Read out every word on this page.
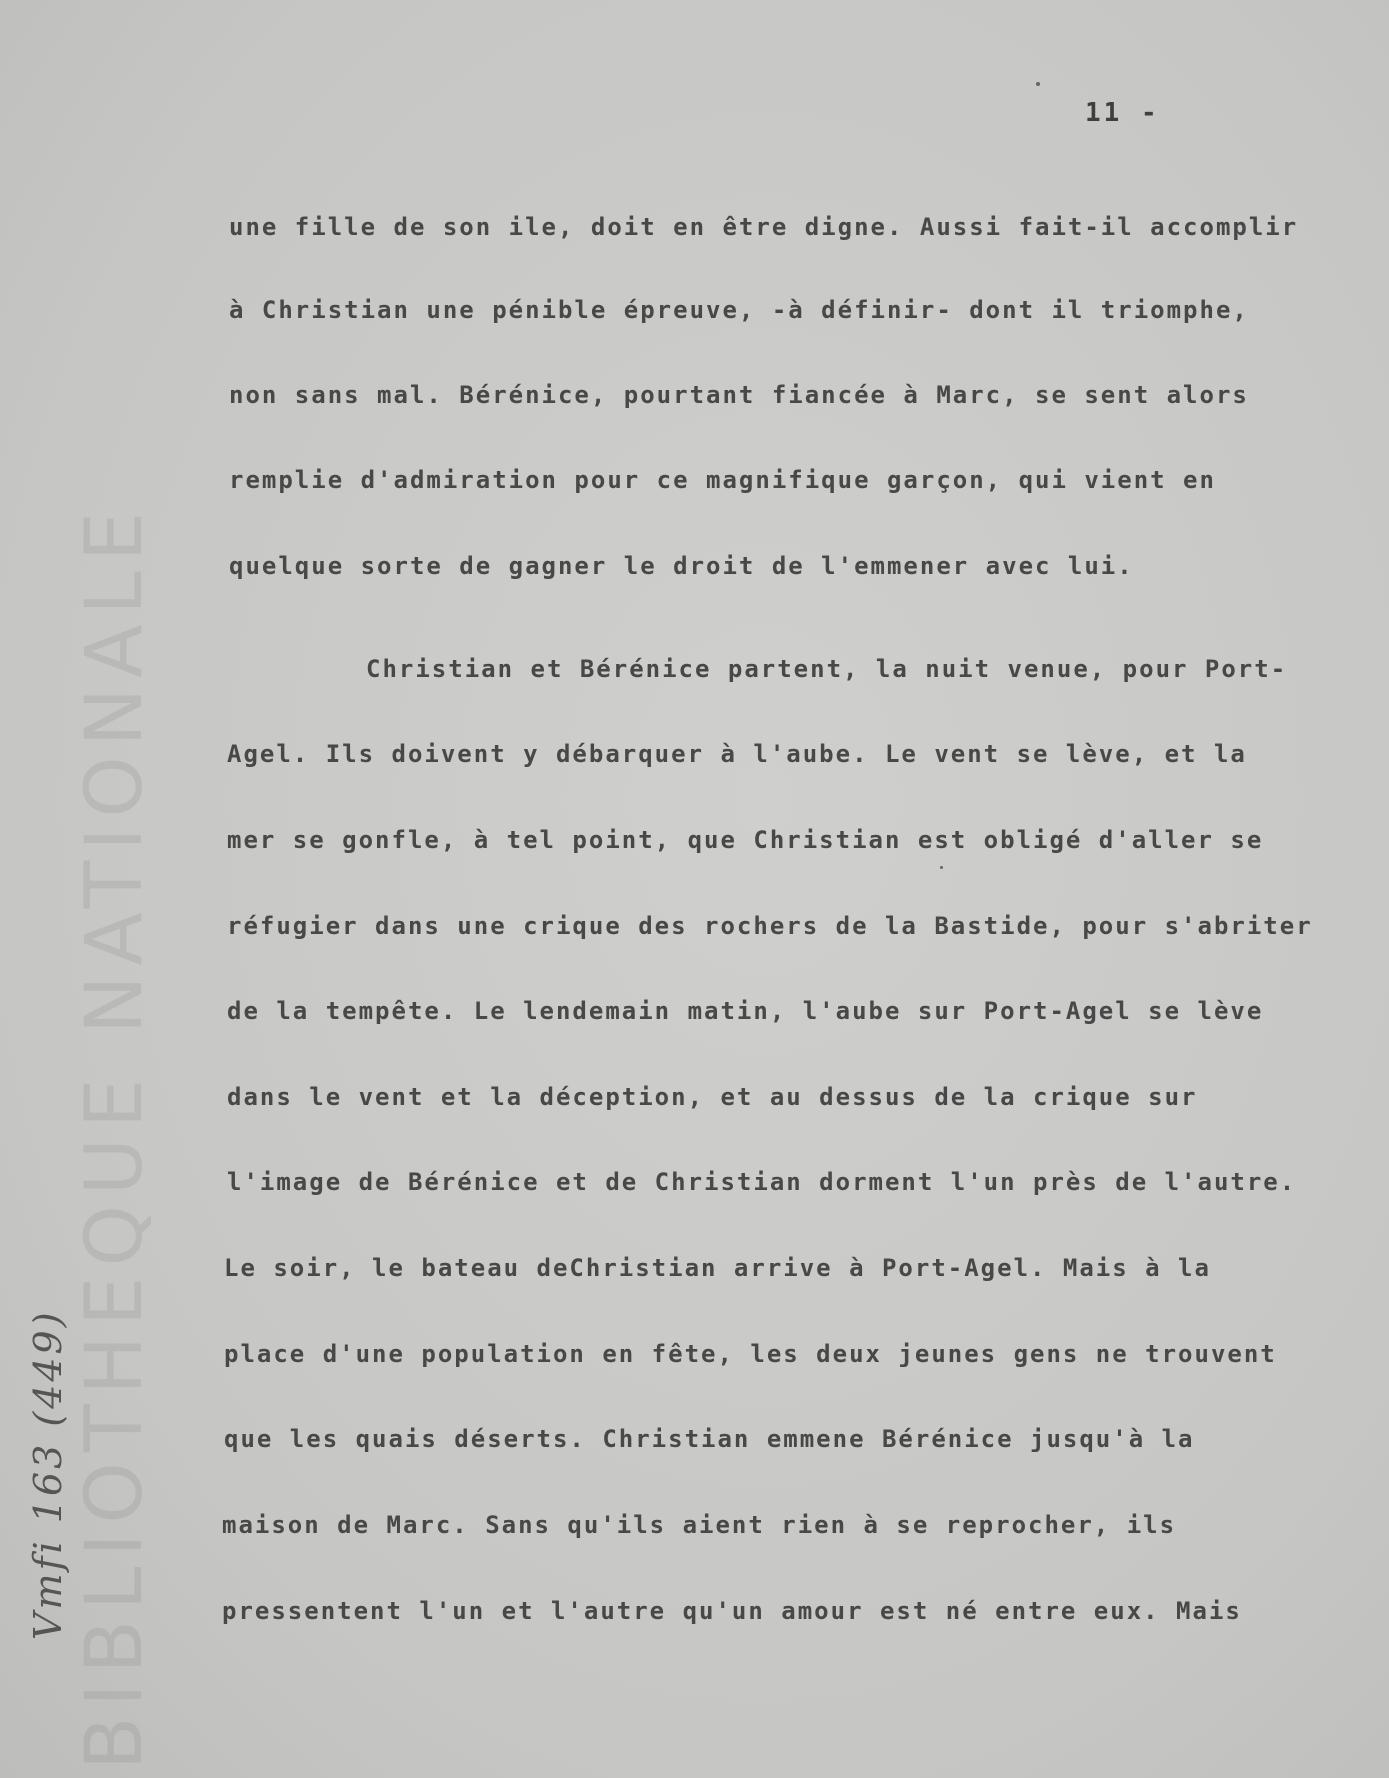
BIBLIOTHEQUE NATIONALE
Vmfi 163 (449)
11 -
une fille de son ile, doit en être digne. Aussi fait-il accomplir
à Christian une pénible épreuve, -à définir- dont il triomphe,
non sans mal. Bérénice, pourtant fiancée à Marc, se sent alors
remplie d'admiration pour ce magnifique garçon, qui vient en
quelque sorte de gagner le droit de l'emmener avec lui.
Christian et Bérénice partent, la nuit venue, pour Port-
Agel. Ils doivent y débarquer à l'aube. Le vent se lève, et la
mer se gonfle, à tel point, que Christian est obligé d'aller se
réfugier dans une crique des rochers de la Bastide, pour s'abriter
de la tempête. Le lendemain matin, l'aube sur Port-Agel se lève
dans le vent et la déception, et au dessus de la crique sur
l'image de Bérénice et de Christian dorment l'un près de l'autre.
Le soir, le bateau deChristian arrive à Port-Agel. Mais à la
place d'une population en fête, les deux jeunes gens ne trouvent
que les quais déserts. Christian emmene Bérénice jusqu'à la
maison de Marc. Sans qu'ils aient rien à se reprocher, ils
pressentent l'un et l'autre qu'un amour est né entre eux. Mais
